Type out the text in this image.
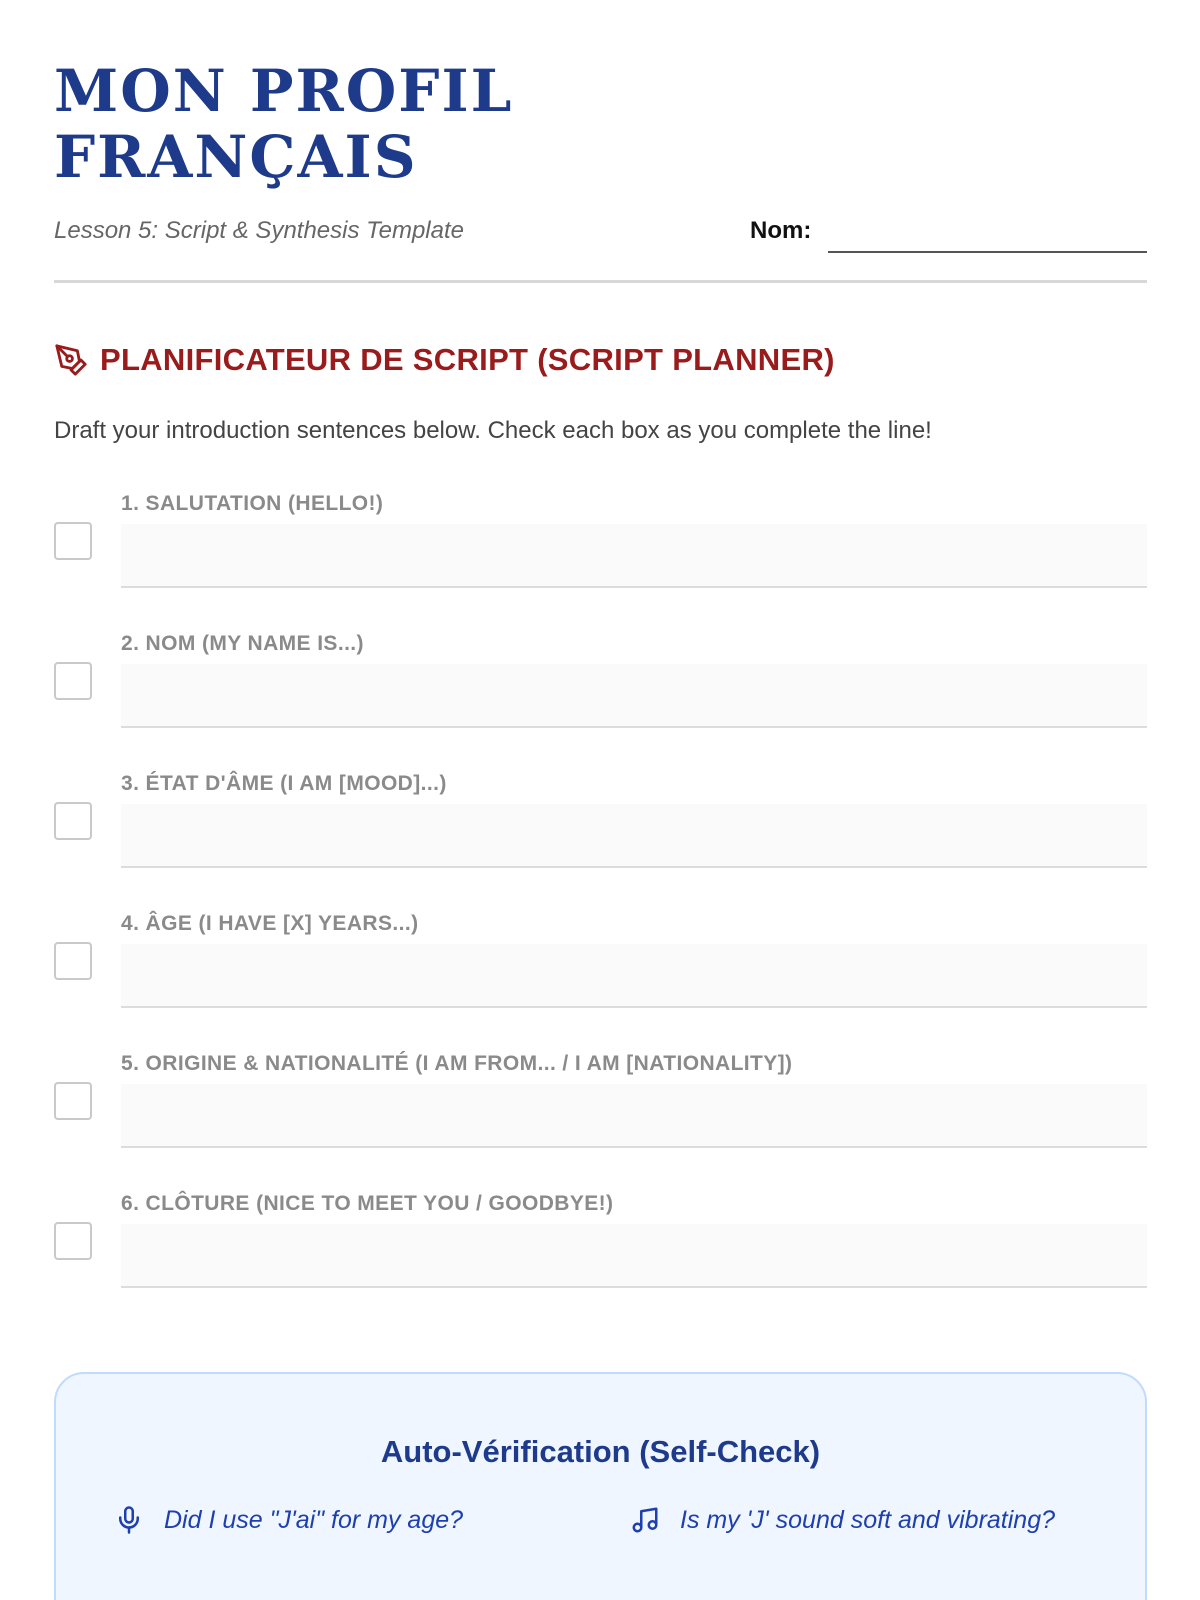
MON PROFIL
FRANÇAIS
Lesson 5: Script & Synthesis Template	Nom:
PLANIFICATEUR DE SCRIPT (SCRIPT PLANNER)
Draft your introduction sentences below. Check each box as you complete the line!
1. SALUTATION (HELLO!)
2. NOM (MY NAME IS...)
3. ÉTAT D'ÂME (I AM [MOOD]...)
4. ÂGE (I HAVE [X] YEARS...)
5. ORIGINE & NATIONALITÉ (I AM FROM... / I AM [NATIONALITY])
6. CLÔTURE (NICE TO MEET YOU / GOODBYE!)
Auto-Vérification (Self-Check)
Did I use "J'ai" for my age?	Is my 'J' sound soft and vibrating?
